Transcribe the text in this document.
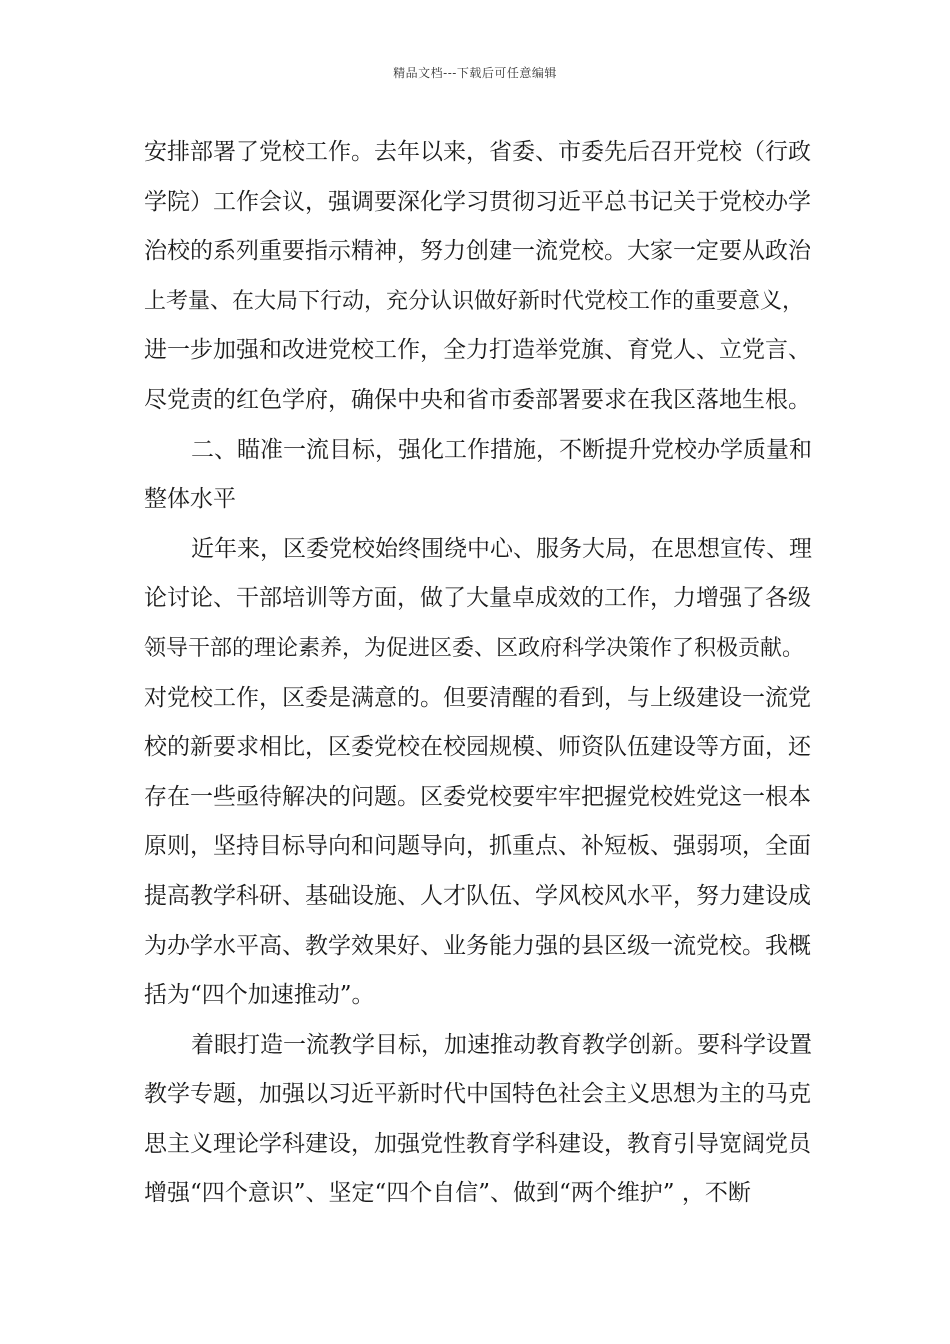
精品文档---下载后可任意编辑
安排部署了党校工作。去年以来，省委、市委先后召开党校（行政
学院）工作会议，强调要深化学习贯彻习近平总书记关于党校办学
治校的系列重要指示精神，努力创建一流党校。大家一定要从政治
上考量、在大局下行动，充分认识做好新时代党校工作的重要意义，
进一步加强和改进党校工作，全力打造举党旗、育党人、立党言、
尽党责的红色学府，确保中央和省市委部署要求在我区落地生根。
二、瞄准一流目标，强化工作措施，不断提升党校办学质量和
整体水平
近年来，区委党校始终围绕中心、服务大局，在思想宣传、理
论讨论、干部培训等方面，做了大量卓成效的工作，力增强了各级
领导干部的理论素养，为促进区委、区政府科学决策作了积极贡献。
对党校工作，区委是满意的。但要清醒的看到，与上级建设一流党
校的新要求相比，区委党校在校园规模、师资队伍建设等方面，还
存在一些亟待解决的问题。区委党校要牢牢把握党校姓党这一根本
原则，坚持目标导向和问题导向，抓重点、补短板、强弱项，全面
提高教学科研、基础设施、人才队伍、学风校风水平，努力建设成
为办学水平高、教学效果好、业务能力强的县区级一流党校。我概
括为“四个加速推动”。
着眼打造一流教学目标，加速推动教育教学创新。要科学设置
教学专题，加强以习近平新时代中国特色社会主义思想为主的马克
思主义理论学科建设，加强党性教育学科建设，教育引导宽阔党员
增强“四个意识”、坚定“四个自信”、做到“两个维护” ，不断
